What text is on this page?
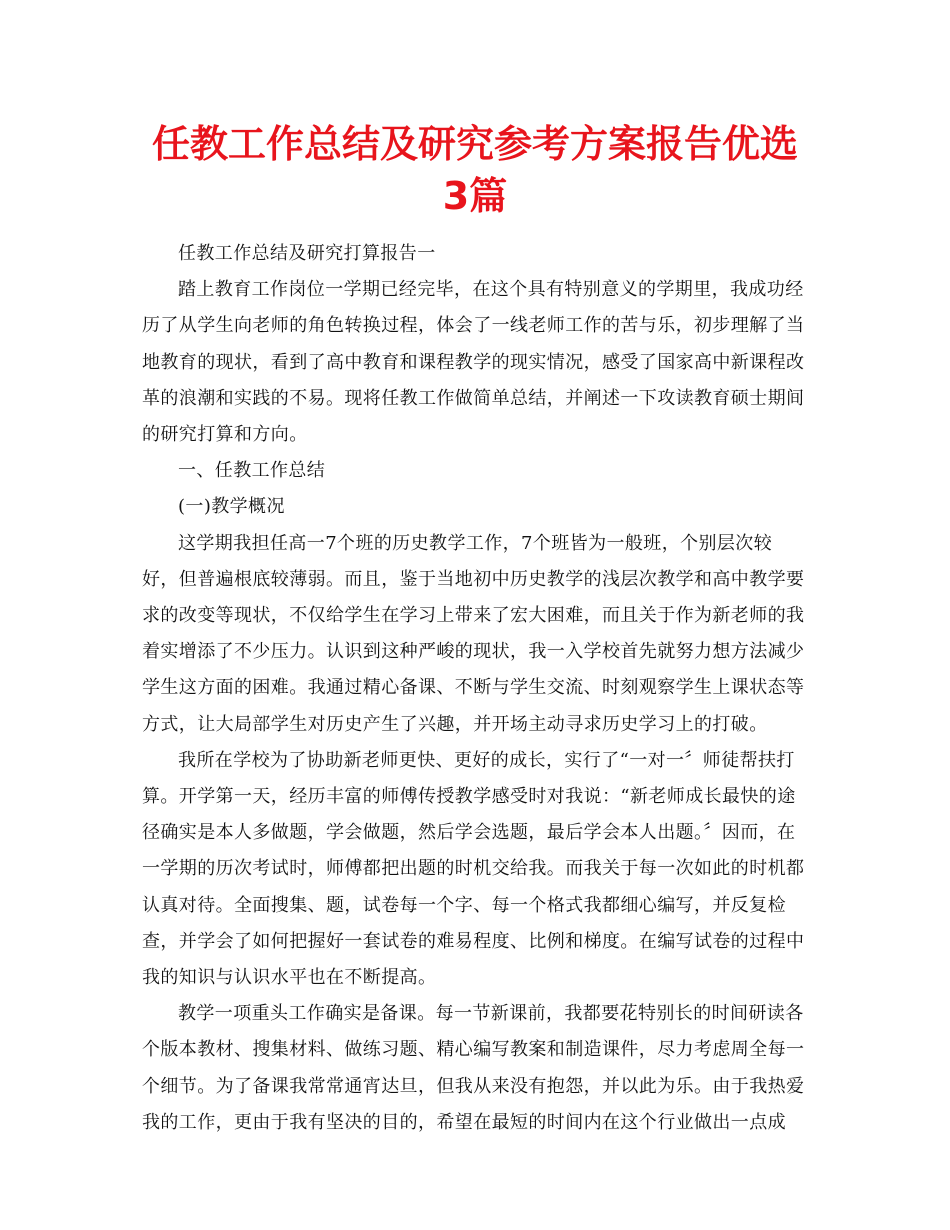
任教工作总结及研究参考方案报告优选3篇
任教工作总结及研究打算报告一
踏上教育工作岗位一学期已经完毕，在这个具有特别意义的学期里，我成功经
历了从学生向老师的角色转换过程，体会了一线老师工作的苦与乐，初步理解了当
地教育的现状，看到了高中教育和课程教学的现实情况，感受了国家高中新课程改
革的浪潮和实践的不易。现将任教工作做简单总结，并阐述一下攻读教育硕士期间
的研究打算和方向。
一、任教工作总结
(一)教学概况
这学期我担任高一7个班的历史教学工作，7个班皆为一般班，个别层次较
好，但普遍根底较薄弱。而且，鉴于当地初中历史教学的浅层次教学和高中教学要
求的改变等现状，不仅给学生在学习上带来了宏大困难，而且关于作为新老师的我
着实增添了不少压力。认识到这种严峻的现状，我一入学校首先就努力想方法减少
学生这方面的困难。我通过精心备课、不断与学生交流、时刻观察学生上课状态等
方式，让大局部学生对历史产生了兴趣，并开场主动寻求历史学习上的打破。
我所在学校为了协助新老师更快、更好的成长，实行了“一对一〞师徒帮扶打
算。开学第一天，经历丰富的师傅传授教学感受时对我说：“新老师成长最快的途
径确实是本人多做题，学会做题，然后学会选题，最后学会本人出题。〞因而，在
一学期的历次考试时，师傅都把出题的时机交给我。而我关于每一次如此的时机都
认真对待。全面搜集、题，试卷每一个字、每一个格式我都细心编写，并反复检
查，并学会了如何把握好一套试卷的难易程度、比例和梯度。在编写试卷的过程中
我的知识与认识水平也在不断提高。
教学一项重头工作确实是备课。每一节新课前，我都要花特别长的时间研读各
个版本教材、搜集材料、做练习题、精心编写教案和制造课件，尽力考虑周全每一
个细节。为了备课我常常通宵达旦，但我从来没有抱怨，并以此为乐。由于我热爱
我的工作，更由于我有坚决的目的，希望在最短的时间内在这个行业做出一点成
